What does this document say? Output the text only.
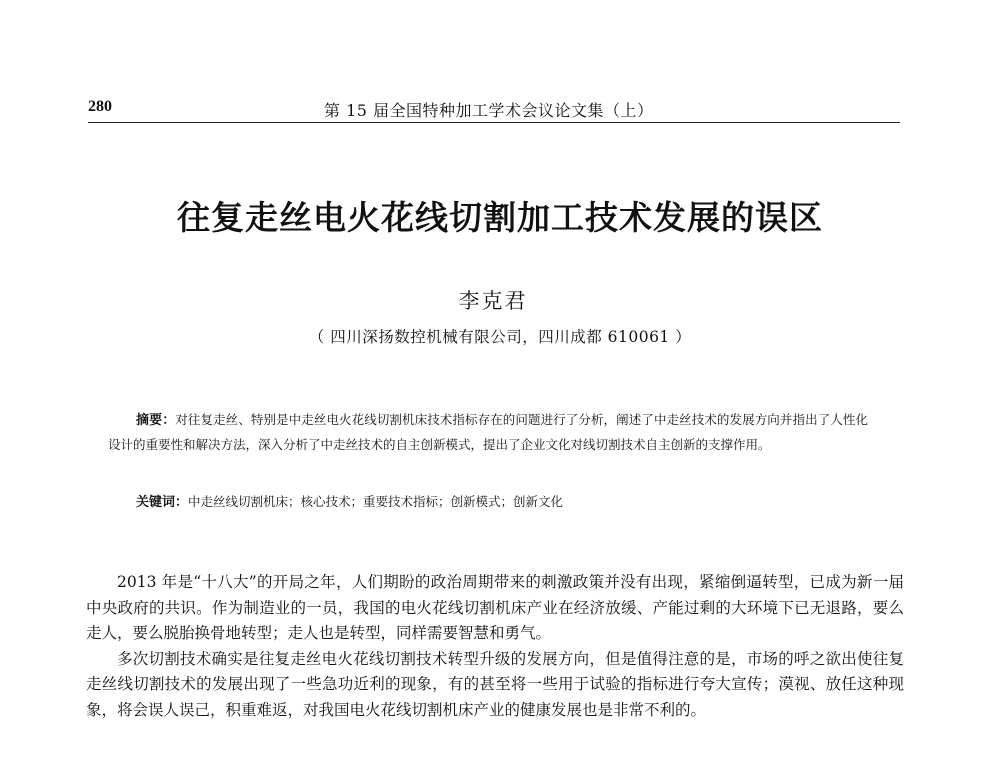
280	第 15 届全国特种加工学术会议论文集（上）
往复走丝电火花线切割加工技术发展的误区
李克君
（ 四川深扬数控机械有限公司，四川成都 610061 ）

摘要：对往复走丝、特别是中走丝电火花线切割机床技术指标存在的问题进行了分析，阐述了中走丝技术的发展方向并指出了人性化设计的重要性和解决方法，深入分析了中走丝技术的自主创新模式，提出了企业文化对线切割技术自主创新的支撑作用。

关键词：中走丝线切割机床；核心技术；重要技术指标；创新模式；创新文化

2013 年是“十八大”的开局之年，人们期盼的政治周期带来的刺激政策并没有出现，紧缩倒逼转型，已成为新一届中央政府的共识。作为制造业的一员，我国的电火花线切割机床产业在经济放缓、产能过剩的大环境下已无退路，要么走人，要么脱胎换骨地转型；走人也是转型，同样需要智慧和勇气。

多次切割技术确实是往复走丝电火花线切割技术转型升级的发展方向，但是值得注意的是，市场的呼之欲出使往复走丝线切割技术的发展出现了一些急功近利的现象，有的甚至将一些用于试验的指标进行夸大宣传；漠视、放任这种现象，将会误人误己，积重难返，对我国电火花线切割机床产业的健康发展也是非常不利的。
